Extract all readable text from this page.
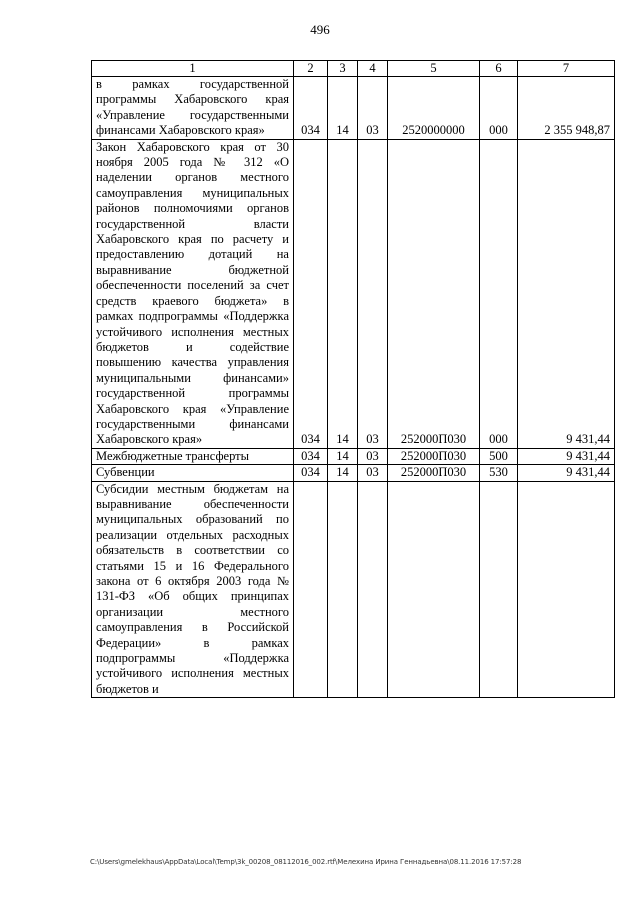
496
1	2	3	4	5	6	7
в рамках государственной программы Хабаровского края «Управление государственными финансами Хабаровского края»	034	14	03	2520000000	000	2 355 948,87
Закон Хабаровского края от 30 ноября 2005 года № 312 «О наделении органов местного самоуправления муниципальных районов полномочиями органов государственной власти Хабаровского края по расчету и предоставлению дотаций на выравнивание бюджетной обеспеченности поселений за счет средств краевого бюджета» в рамках подпрограммы «Поддержка устойчивого исполнения местных бюджетов и содействие повышению качества управления муниципальными финансами» государственной программы Хабаровского края «Управление государственными финансами Хабаровского края»	034	14	03	252000П030	000	9 431,44
Межбюджетные трансферты	034	14	03	252000П030	500	9 431,44
Субвенции	034	14	03	252000П030	530	9 431,44
Субсидии местным бюджетам на выравнивание обеспеченности муниципальных образований по реализации отдельных расходных обязательств в соответствии со статьями 15 и 16 Федерального закона от 6 октября 2003 года № 131-ФЗ «Об общих принципах организации местного самоуправления в Российской Федерации» в рамках подпрограммы «Поддержка устойчивого исполнения местных бюджетов и						
C:\Users\gmelekhaus\AppData\Local\Temp\3k_00208_08112016_002.rtf\Мелехина Ирина Геннадьевна\08.11.2016 17:57:28
